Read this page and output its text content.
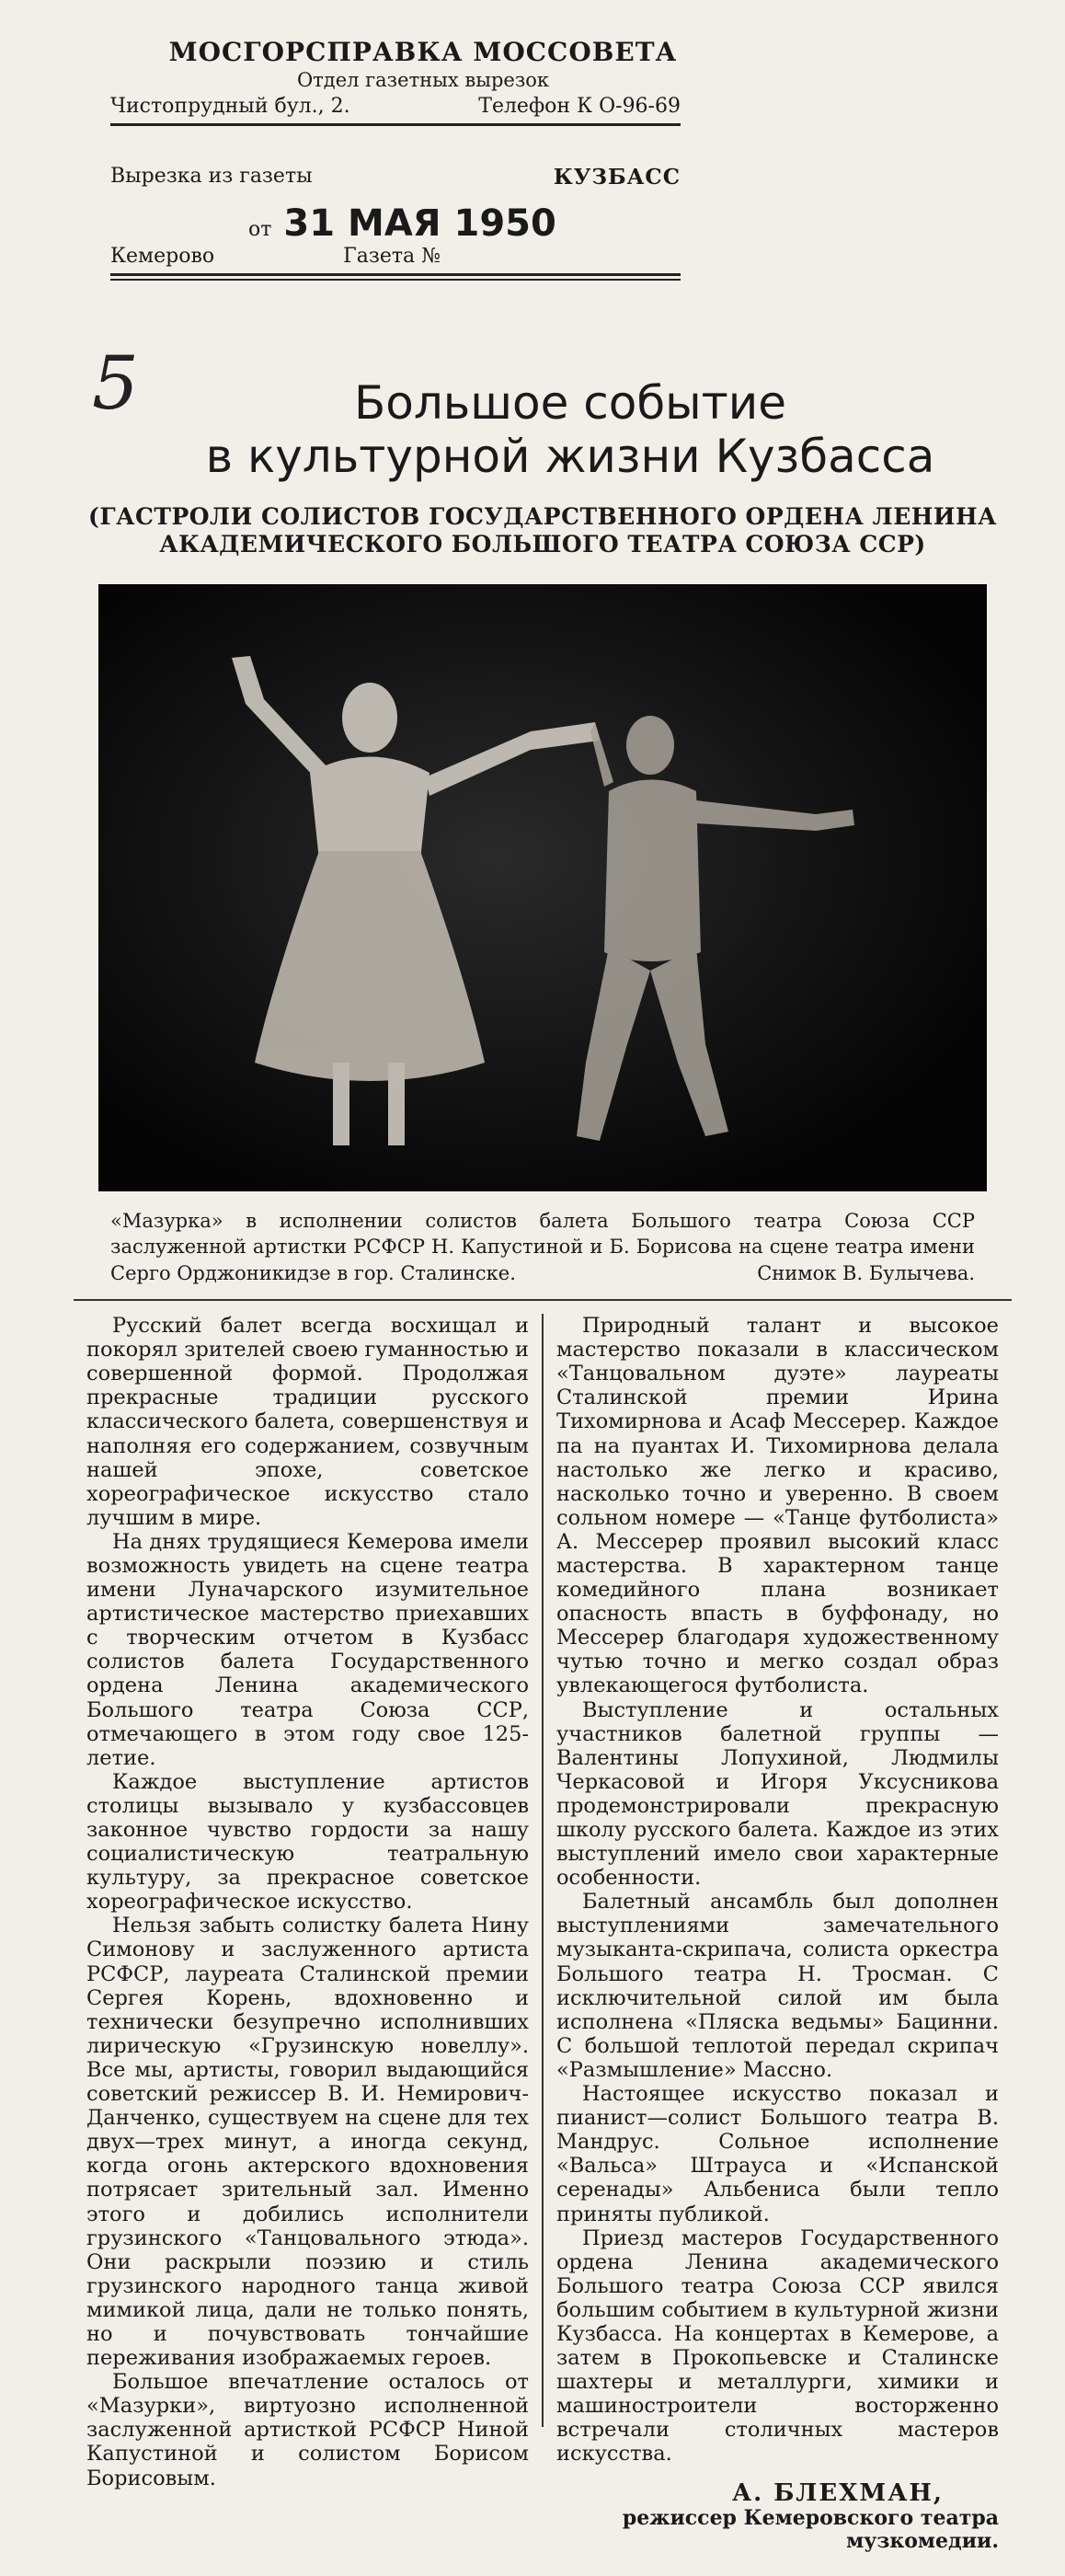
МОСГОРСПРАВКА МОССОВЕТА
Отдел газетных вырезок
Чистопрудный бул., 2.	Телефон К О-96-69
Вырезка из газеты	КУЗБАСС
от 31 МАЯ 1950
Кемерово	Газета №
5	Большое событие
в культурной жизни Кузбасса
(ГАСТРОЛИ СОЛИСТОВ ГОСУДАРСТВЕННОГО ОРДЕНА ЛЕНИНА
АКАДЕМИЧЕСКОГО БОЛЬШОГО ТЕАТРА СОЮЗА ССР)
«Мазурка» в исполнении солистов балета Большого театра Союза ССР заслуженной артистки РСФСР Н. Капустиной и Б. Борисова на сцене театра имени Серго Орджоникидзе в гор. Сталинске.	Снимок В. Булычева.

Русский балет всегда восхищал и покорял зрителей своею гуманностью и совершенной формой. Продолжая прекрасные традиции русского классического балета, совершенствуя и наполняя его содержанием, созвучным нашей эпохе, советское хореографическое искусство стало лучшим в мире.

На днях трудящиеся Кемерова имели возможность увидеть на сцене театра имени Луначарского изумительное артистическое мастерство приехавших с творческим отчетом в Кузбасс солистов балета Государственного ордена Ленина академического Большого театра Союза ССР, отмечающего в этом году свое 125-летие.

Каждое выступление артистов столицы вызывало у кузбассовцев законное чувство гордости за нашу социалистическую театральную культуру, за прекрасное советское хореографическое искусство.

Нельзя забыть солистку балета Нину Симонову и заслуженного артиста РСФСР, лауреата Сталинской премии Сергея Корень, вдохновенно и технически безупречно исполнивших лирическую «Грузинскую новеллу». Все мы, артисты, говорил выдающийся советский режиссер В. И. Немирович-Данченко, существуем на сцене для тех двух—трех минут, а иногда секунд, когда огонь актерского вдохновения потрясает зрительный зал. Именно этого и добились исполнители грузинского «Танцовального этюда». Они раскрыли поэзию и стиль грузинского народного танца живой мимикой лица, дали не только понять, но и почувствовать тончайшие переживания изображаемых героев.

Большое впечатление осталось от «Мазурки», виртуозно исполненной заслуженной артисткой РСФСР Ниной Капустиной и солистом Борисом Борисовым.

Природный талант и высокое мастерство показали в классическом «Танцовальном дуэте» лауреаты Сталинской премии Ирина Тихомирнова и Асаф Мессерер. Каждое па на пуантах И. Тихомирнова делала настолько же легко и красиво, насколько точно и уверенно. В своем сольном номере — «Танце футболиста» А. Мессерер проявил высокий класс мастерства. В характерном танце комедийного плана возникает опасность впасть в буффонаду, но Мессерер благодаря художественному чутью точно и мегко создал образ увлекающегося футболиста.

Выступление и остальных участников балетной группы — Валентины Лопухиной, Людмилы Черкасовой и Игоря Уксусникова продемонстрировали прекрасную школу русского балета. Каждое из этих выступлений имело свои характерные особенности.

Балетный ансамбль был дополнен выступлениями замечательного музыканта-скрипача, солиста оркестра Большого театра Н. Тросман. С исключительной силой им была исполнена «Пляска ведьмы» Бацинни. С большой теплотой передал скрипач «Размышление» Массно.

Настоящее искусство показал и пианист—солист Большого театра В. Мандрус. Сольное исполнение «Вальса» Штрауса и «Испанской серенады» Альбениса были тепло приняты публикой.

Приезд мастеров Государственного ордена Ленина академического Большого театра Союза ССР явился большим событием в культурной жизни Кузбасса. На концертах в Кемерове, а затем в Прокопьевске и Сталинске шахтеры и металлурги, химики и машиностроители восторженно встречали столичных мастеров искусства.

А. БЛЕХМАН,
режиссер Кемеровского театра музкомедии.
